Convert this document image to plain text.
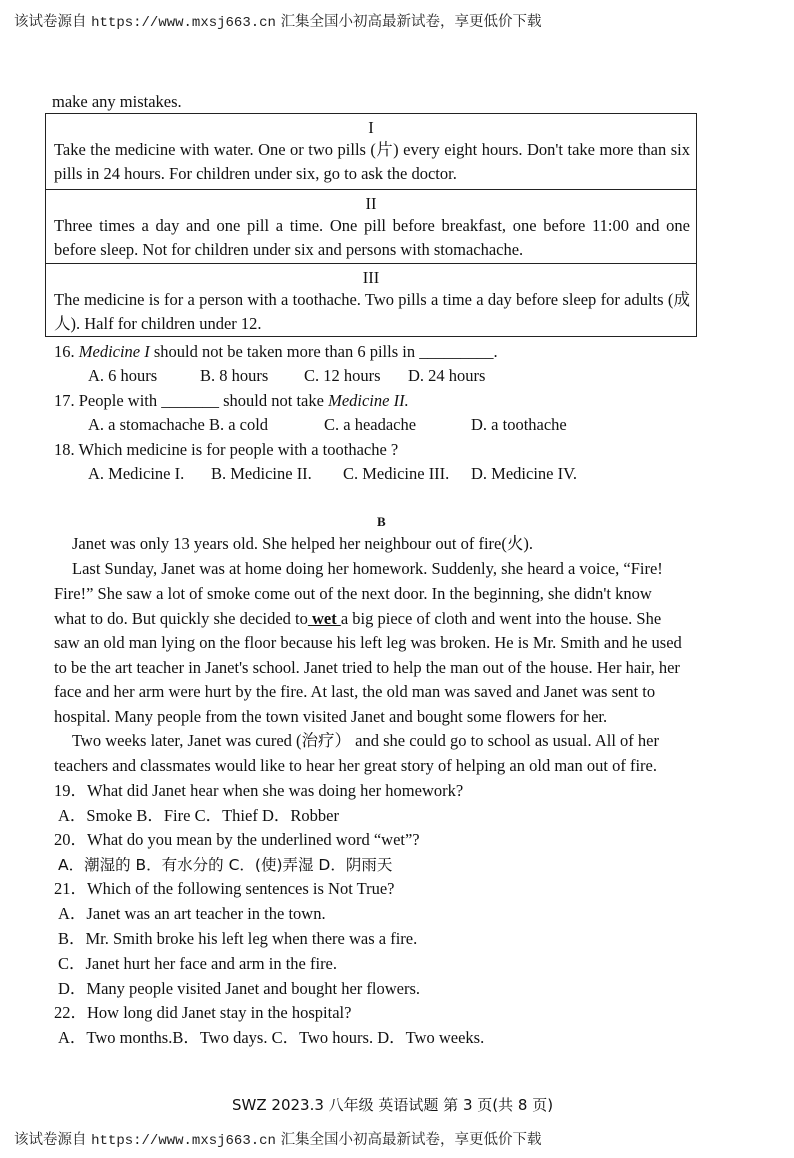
该试卷源自 https://www.mxsj663.cn 汇集全国小初高最新试卷，享更低价下载
make any mistakes.
I
Take the medicine with water. One or two pills (片) every eight hours. Don't take more than six pills in 24 hours. For children under six, go to ask the doctor.
II
Three times a day and one pill a time. One pill before breakfast, one before 11:00 and one before sleep. Not for children under six and persons with stomachache.
III
The medicine is for a person with a toothache. Two pills a time a day before sleep for adults (成人). Half for children under 12.
16. Medicine I should not be taken more than 6 pills in _________.
A. 6 hours	B. 8 hours C. 12 hours D. 24 hours
17. People with _______ should not take Medicine II.
A. a stomachache B. a cold	C. a headache	D. a toothache
18. Which medicine is for people with a toothache ?
A. Medicine I. B. Medicine II. C. Medicine III. D. Medicine IV.
B
Janet was only 13 years old. She helped her neighbour out of fire(火).
Last Sunday, Janet was at home doing her homework. Suddenly, she heard a voice, “Fire!
Fire!” She saw a lot of smoke come out of the next door. In the beginning, she didn't know
what to do. But quickly she decided to wet a big piece of cloth and went into the house. She
saw an old man lying on the floor because his left leg was broken. He is Mr. Smith and he used
to be the art teacher in Janet's school. Janet tried to help the man out of the house. Her hair, her
face and her arm were hurt by the fire. At last, the old man was saved and Janet was sent to
hospital. Many people from the town visited Janet and bought some flowers for her.
Two weeks later, Janet was cured (治疗） and she could go to school as usual. All of her
teachers and classmates would like to hear her great story of helping an old man out of fire.
19．What did Janet hear when she was doing her homework?
A．Smoke B．Fire C．Thief D．Robber
20．What do you mean by the underlined word “wet”?
A．潮湿的 B．有水分的 C．(使)弄湿 D．阴雨天
21．Which of the following sentences is Not True?
A．Janet was an art teacher in the town.
B．Mr. Smith broke his left leg when there was a fire.
C．Janet hurt her face and arm in the fire.
D．Many people visited Janet and bought her flowers.
22．How long did Janet stay in the hospital?
A．Two months.B．Two days. C．Two hours. D．Two weeks.
SWZ 2023.3 八年级 英语试题 第 3 页(共 8 页)
该试卷源自 https://www.mxsj663.cn 汇集全国小初高最新试卷，享更低价下载
